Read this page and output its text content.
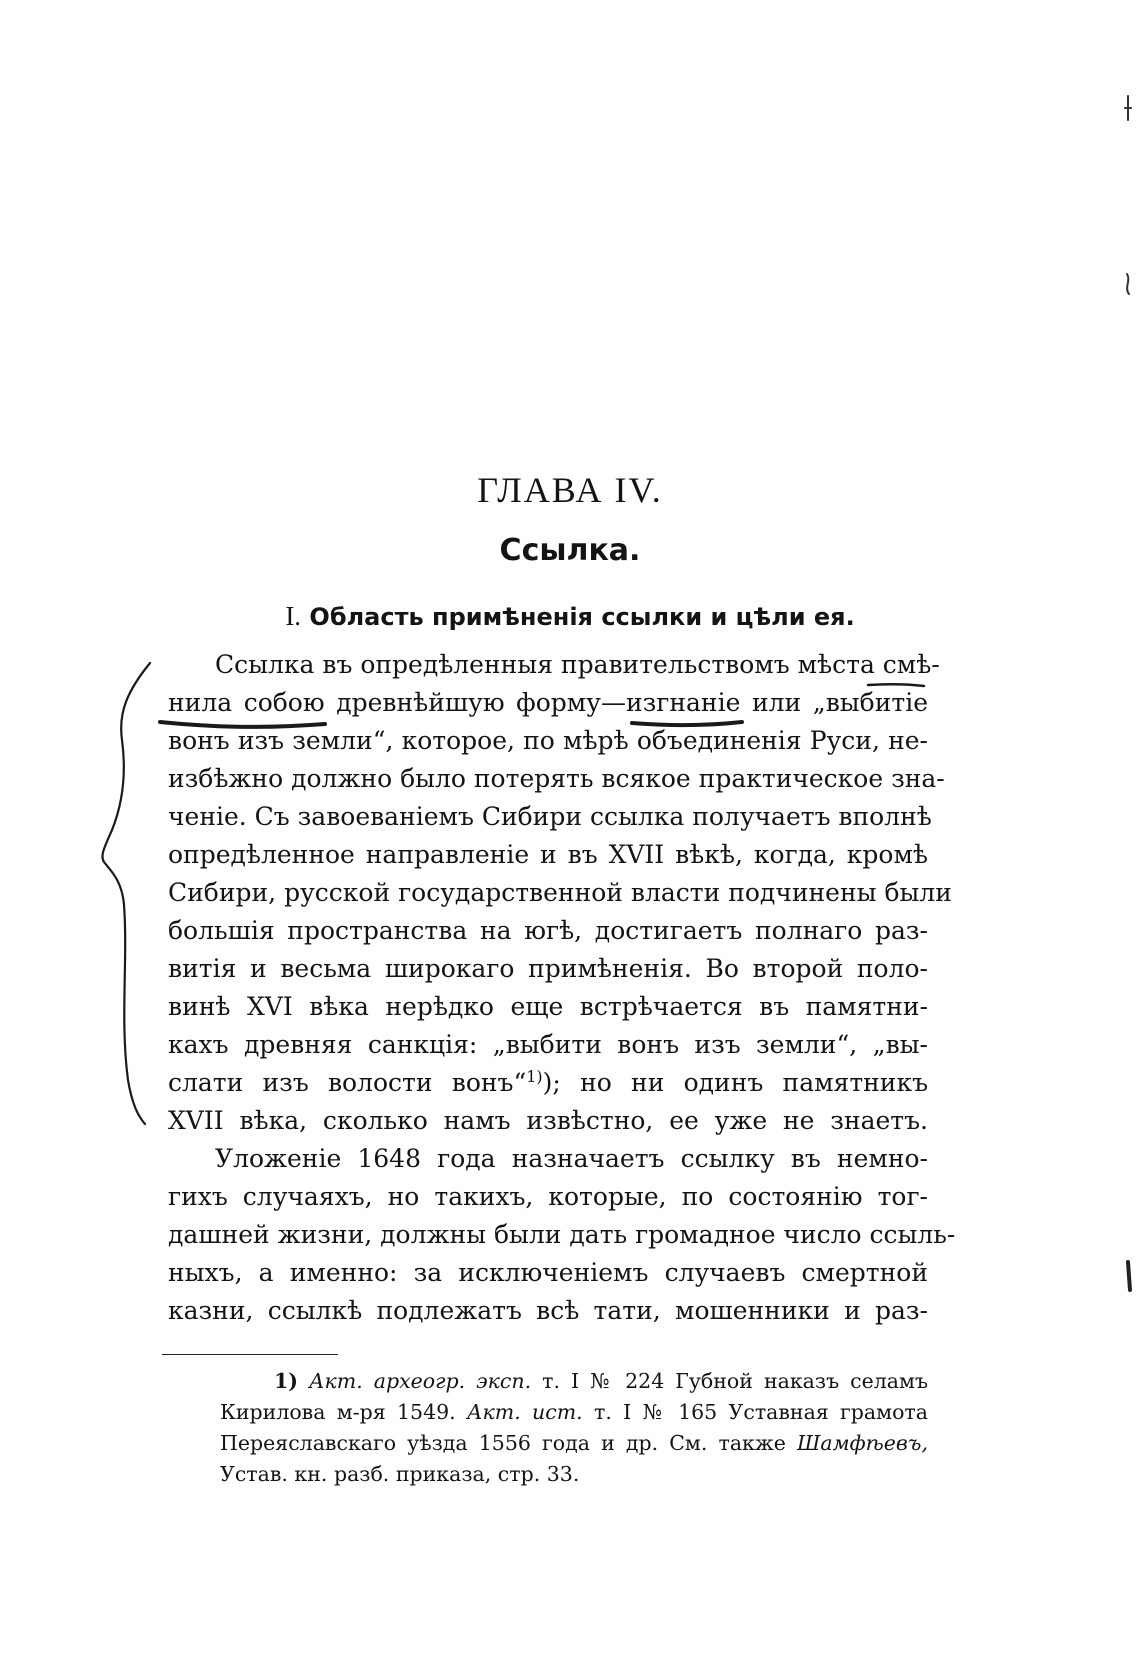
ГЛАВА IV.
Ссылка.
I. Область примѣненія ссылки и цѣли ея.
Ссылка въ опредѣленныя правительствомъ мѣста смѣ-
нила собою древнѣйшую форму—изгнаніе или „выбитіе
вонъ изъ земли“, которое, по мѣрѣ объединенія Руси, не-
избѣжно должно было потерять всякое практическое зна-
ченіе. Съ завоеваніемъ Сибири ссылка получаетъ вполнѣ
опредѣленное направленіе и въ XVII вѣкѣ, когда, кромѣ
Сибири, русской государственной власти подчинены были
большія пространства на югѣ, достигаетъ полнаго раз-
витія и весьма широкаго примѣненія. Во второй поло-
винѣ XVI вѣка нерѣдко еще встрѣчается въ памятни-
кахъ древняя санкція: „выбити вонъ изъ земли“, „вы-
слати изъ волости вонъ“$^{1)}$); но ни одинъ памятникъ
XVII вѣка, сколько намъ извѣстно, ее уже не знаетъ.
Уложеніе 1648 года назначаетъ ссылку въ немно-
гихъ случаяхъ, но такихъ, которые, по состоянію тог-
дашней жизни, должны были дать громадное число ссыль-
ныхъ, а именно: за исключеніемъ случаевъ смертной
казни, ссылкѣ подлежатъ всѣ тати, мошенники и раз-
1) Акт. археогр. эксп. т. I № 224 Губной наказъ селамъ
Кирилова м-ря 1549. Акт. ист. т. I № 165 Уставная грамота
Переяславскаго уѣзда 1556 года и др. См. также Шамфѣевъ,
Устав. кн. разб. приказа, стр. 33.
